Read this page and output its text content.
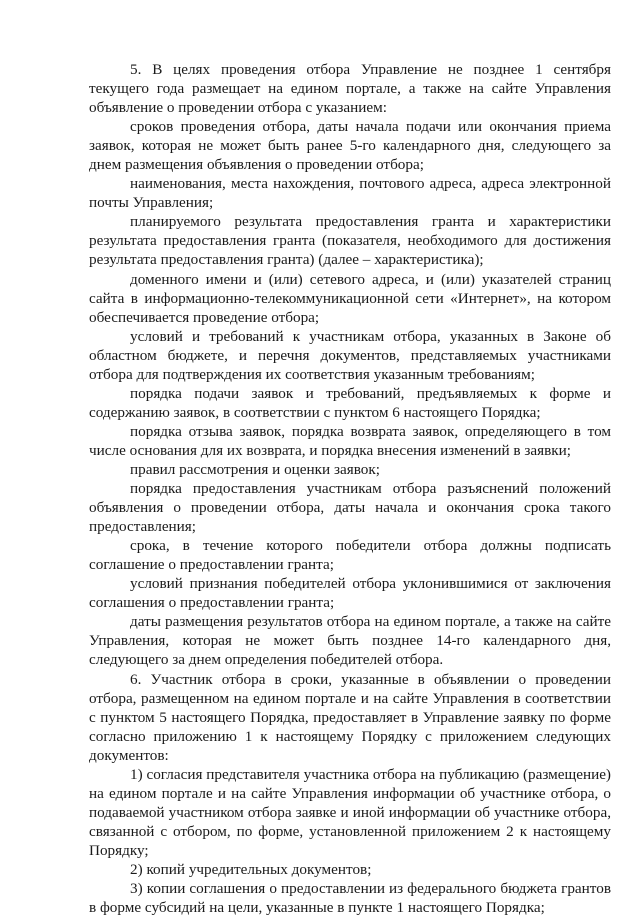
5. В целях проведения отбора Управление не позднее 1 сентября текущего года размещает на едином портале, а также на сайте Управления объявление о проведении отбора с указанием:

сроков проведения отбора, даты начала подачи или окончания приема заявок, которая не может быть ранее 5-го календарного дня, следующего за днем размещения объявления о проведении отбора;

наименования, места нахождения, почтового адреса, адреса электронной почты Управления;

планируемого результата предоставления гранта и характеристики результата предоставления гранта (показателя, необходимого для достижения результата предоставления гранта) (далее – характеристика);

доменного имени и (или) сетевого адреса, и (или) указателей страниц сайта в информационно-телекоммуникационной сети «Интернет», на котором обеспечивается проведение отбора;

условий и требований к участникам отбора, указанных в Законе об областном бюджете, и перечня документов, представляемых участниками отбора для подтверждения их соответствия указанным требованиям;

порядка подачи заявок и требований, предъявляемых к форме и содержанию заявок, в соответствии с пунктом 6 настоящего Порядка;

порядка отзыва заявок, порядка возврата заявок, определяющего в том числе основания для их возврата, и порядка внесения изменений в заявки;

правил рассмотрения и оценки заявок;

порядка предоставления участникам отбора разъяснений положений объявления о проведении отбора, даты начала и окончания срока такого предоставления;

срока, в течение которого победители отбора должны подписать соглашение о предоставлении гранта;

условий признания победителей отбора уклонившимися от заключения соглашения о предоставлении гранта;

даты размещения результатов отбора на едином портале, а также на сайте Управления, которая не может быть позднее 14-го календарного дня, следующего за днем определения победителей отбора.

6. Участник отбора в сроки, указанные в объявлении о проведении отбора, размещенном на едином портале и на сайте Управления в соответствии с пунктом 5 настоящего Порядка, предоставляет в Управление заявку по форме согласно приложению 1 к настоящему Порядку с приложением следующих документов:

1) согласия представителя участника отбора на публикацию (размещение) на едином портале и на сайте Управления информации об участнике отбора, о подаваемой участником отбора заявке и иной информации об участнике отбора, связанной с отбором, по форме, установленной приложением 2 к настоящему Порядку;

2) копий учредительных документов;

3) копии соглашения о предоставлении из федерального бюджета грантов в форме субсидий на цели, указанные в пункте 1 настоящего Порядка;
